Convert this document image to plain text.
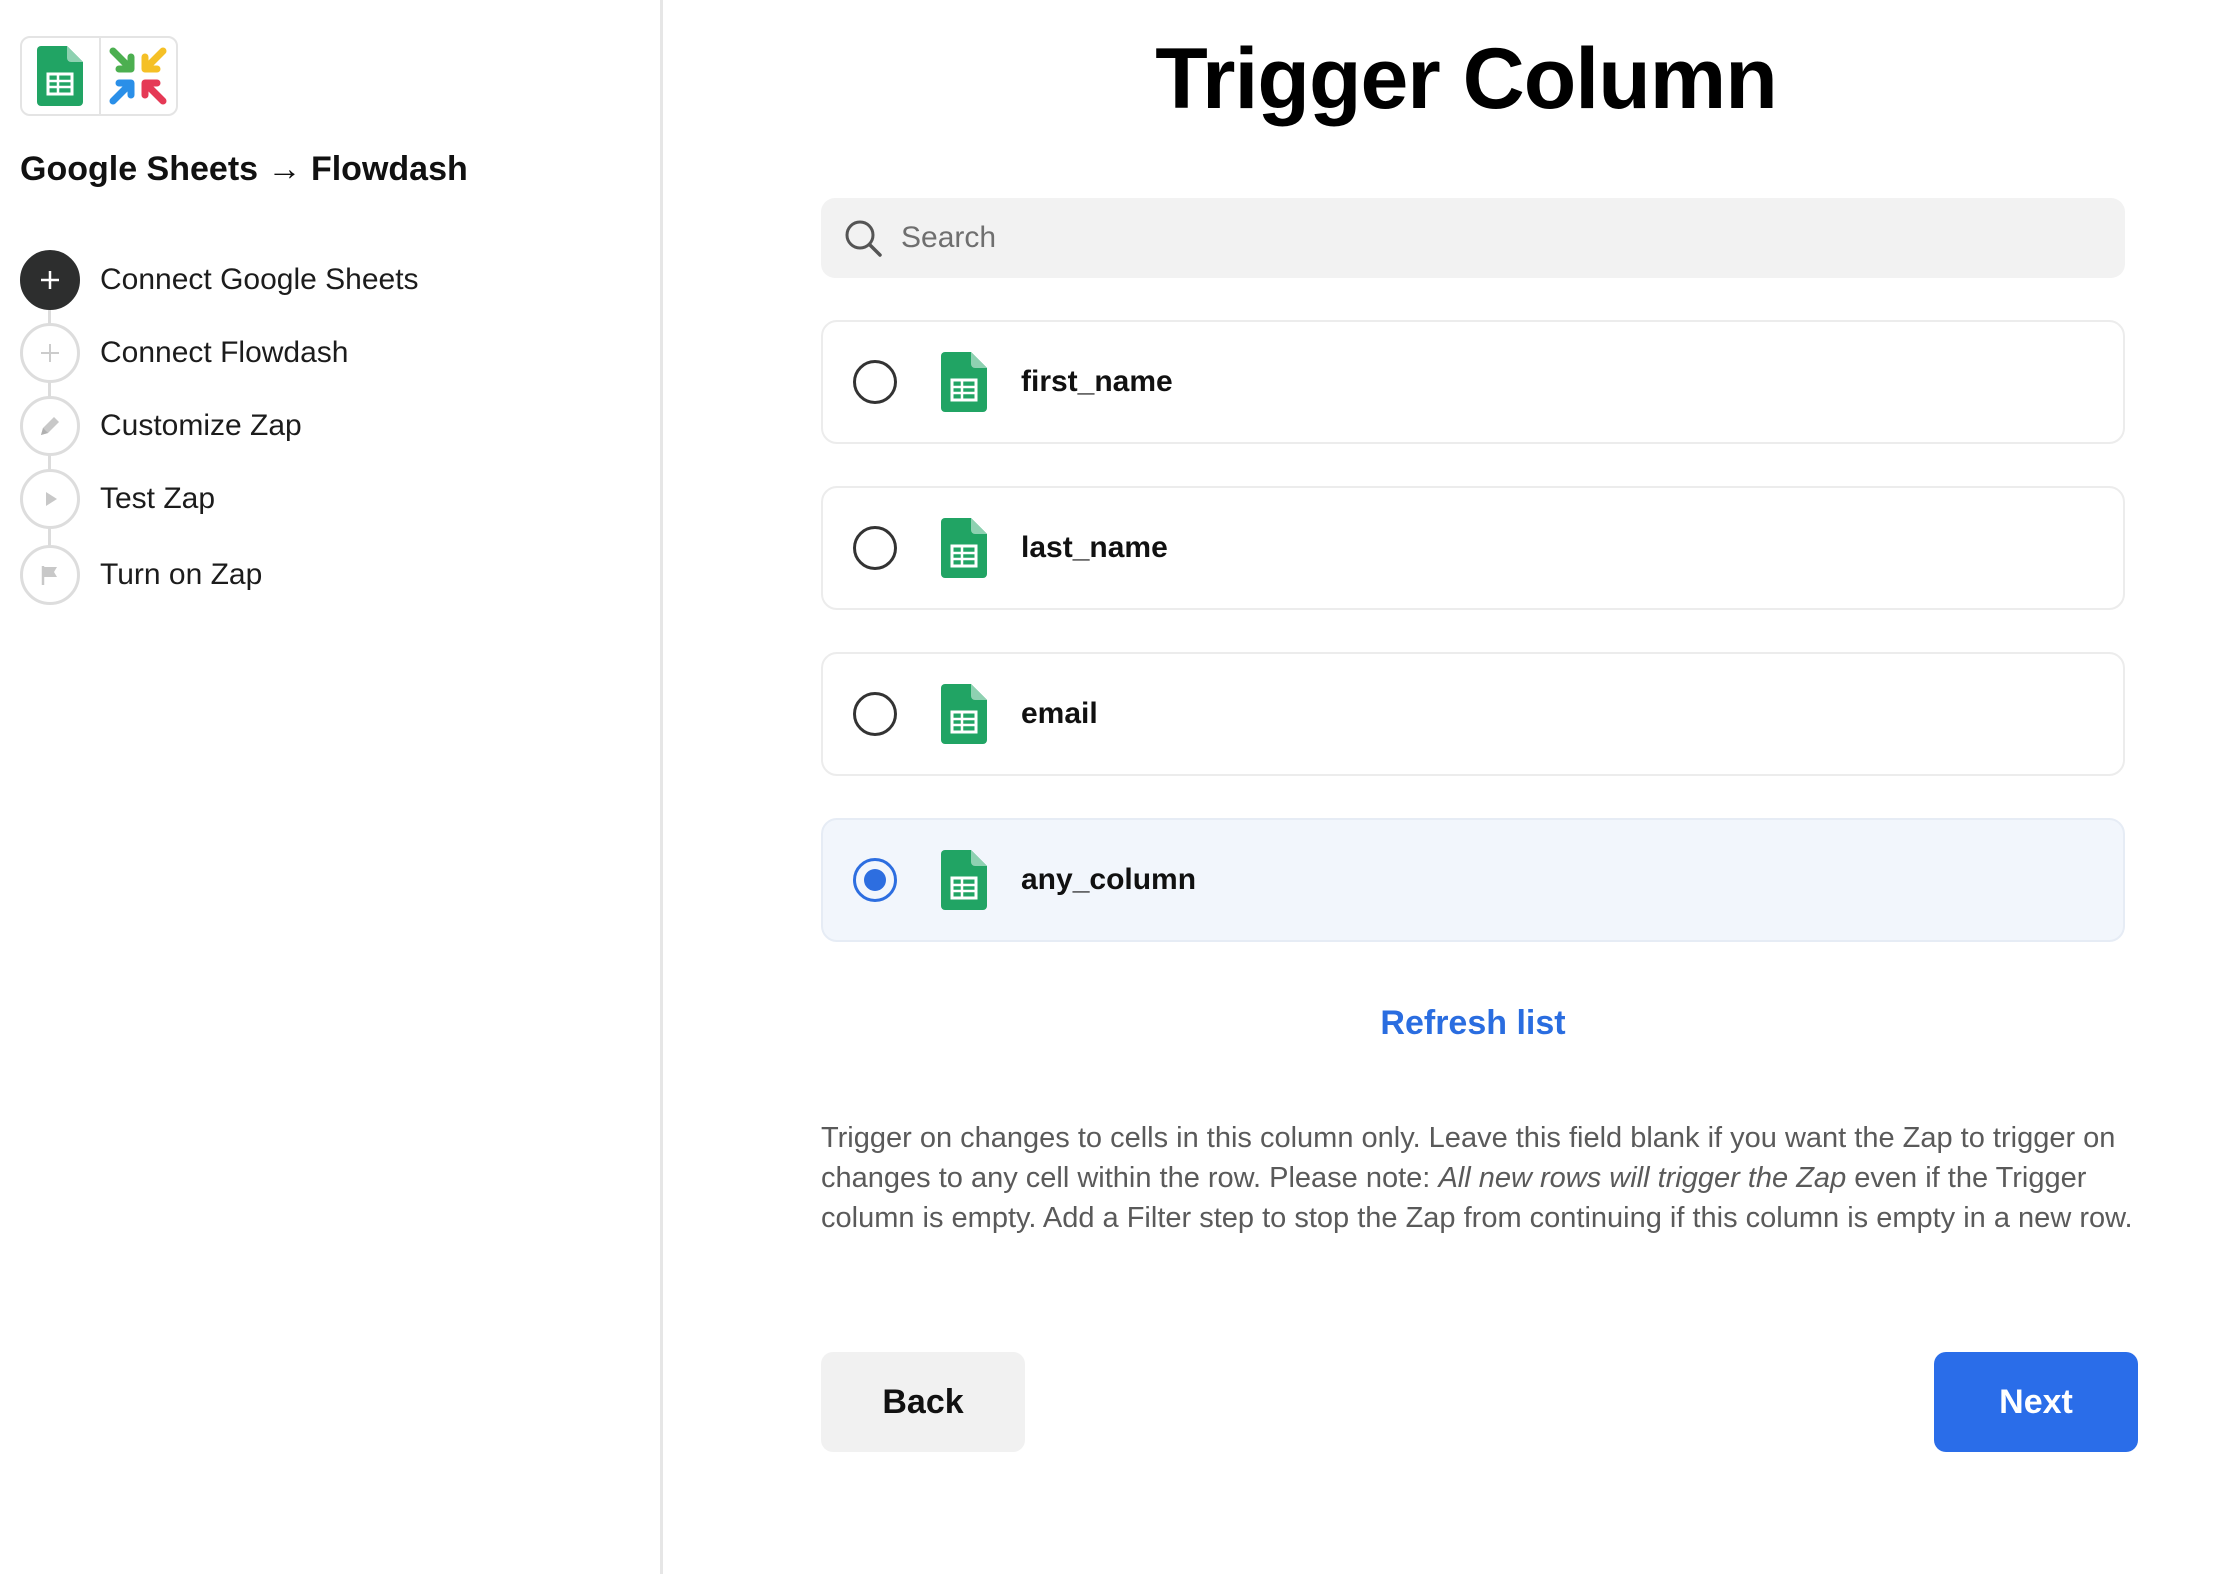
Google Sheets → Flowdash
Connect Google Sheets
Connect Flowdash
Customize Zap
Test Zap
Turn on Zap
Trigger Column
Search
first_name
last_name
email
any_column
Refresh list

Trigger on changes to cells in this column only. Leave this field blank if you want the Zap to trigger on changes to any cell within the row. Please note: All new rows will trigger the Zap even if the Trigger column is empty. Add a Filter step to stop the Zap from continuing if this column is empty in a new row.

Back	Next
